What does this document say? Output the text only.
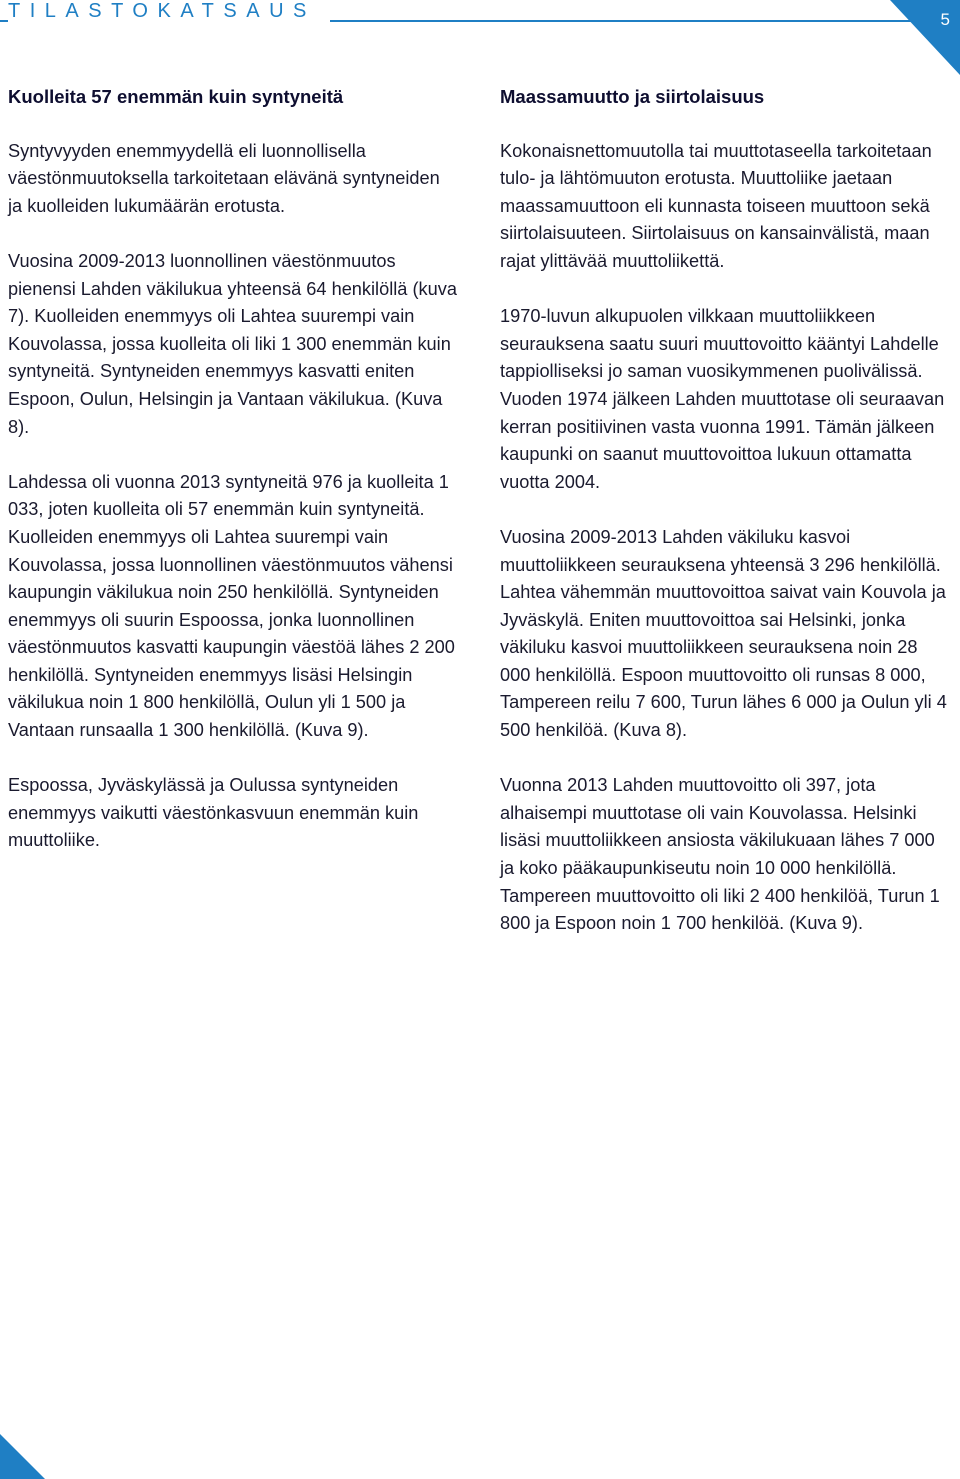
TILASTOKATSAUS	5
Kuolleita 57 enemmän kuin syntyneitä

Syntyvyyden enemmyydellä eli luonnollisella väestönmuutoksella tarkoitetaan elävänä syntyneiden ja kuolleiden lukumäärän erotusta.

Vuosina 2009-2013 luonnollinen väestönmuutos pienensi Lahden väkilukua yhteensä 64 henkilöllä (kuva 7). Kuolleiden enemmyys oli Lahtea suurempi vain Kouvolassa, jossa kuolleita oli liki 1 300 enemmän kuin syntyneitä. Syntyneiden enemmyys kasvatti eniten Espoon, Oulun, Helsingin ja Vantaan väkilukua. (Kuva 8).

Lahdessa oli vuonna 2013 syntyneitä 976 ja kuolleita 1 033, joten kuolleita oli 57 enemmän kuin syntyneitä. Kuolleiden enemmyys oli Lahtea suurempi vain Kouvolassa, jossa luonnollinen väestönmuutos vähensi kaupungin väkilukua noin 250 henkilöllä. Syntyneiden enemmyys oli suurin Espoossa, jonka luonnollinen väestönmuutos kasvatti kaupungin väestöä lähes 2 200 henkilöllä. Syntyneiden enemmyys lisäsi Helsingin väkilukua noin 1 800 henkilöllä, Oulun yli 1 500 ja Vantaan runsaalla 1 300 henkilöllä. (Kuva 9).

Espoossa, Jyväskylässä ja Oulussa syntyneiden enemmyys vaikutti väestönkasvuun enemmän kuin muuttoliike.

Maassamuutto ja siirtolaisuus

Kokonaisnettomuutolla tai muuttotaseella tarkoitetaan tulo- ja lähtömuuton erotusta. Muuttoliike jaetaan maassamuuttoon eli kunnasta toiseen muuttoon sekä siirtolaisuuteen. Siirtolaisuus on kansainvälistä, maan rajat ylittävää muuttoliikettä.

1970-luvun alkupuolen vilkkaan muuttoliikkeen seurauksena saatu suuri muuttovoitto kääntyi Lahdelle tappiolliseksi jo saman vuosikymmenen puolivälissä. Vuoden 1974 jälkeen Lahden muuttotase oli seuraavan kerran positiivinen vasta vuonna 1991. Tämän jälkeen kaupunki on saanut muuttovoittoa lukuun ottamatta vuotta 2004.

Vuosina 2009-2013 Lahden väkiluku kasvoi muuttoliikkeen seurauksena yhteensä 3 296 henkilöllä. Lahtea vähemmän muuttovoittoa saivat vain Kouvola ja Jyväskylä. Eniten muuttovoittoa sai Helsinki, jonka väkiluku kasvoi muuttoliikkeen seurauksena noin 28 000 henkilöllä. Espoon muuttovoitto oli runsas 8 000, Tampereen reilu 7 600, Turun lähes 6 000 ja Oulun yli 4 500 henkilöä. (Kuva 8).

Vuonna 2013 Lahden muuttovoitto oli 397, jota alhaisempi muuttotase oli vain Kouvolassa. Helsinki lisäsi muuttoliikkeen ansiosta väkilukuaan lähes 7 000 ja koko pääkaupunkiseutu noin 10 000 henkilöllä. Tampereen muuttovoitto oli liki 2 400 henkilöä, Turun 1 800 ja Espoon noin 1 700 henkilöä. (Kuva 9).
